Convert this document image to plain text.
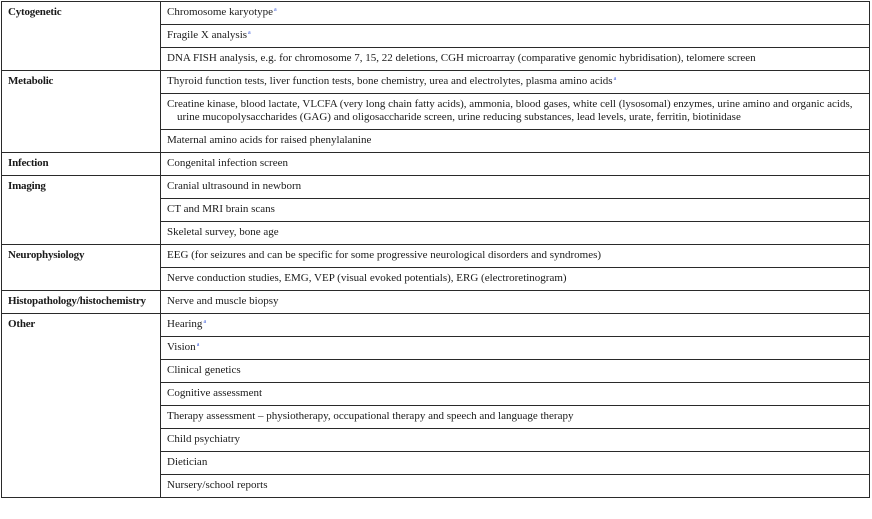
Cytogenetic	Chromosome karyotype$^a$

	Fragile X analysis$^a$

	DNA FISH analysis, e.g. for chromosome 7, 15, 22 deletions, CGH microarray (comparative genomic hybridisation), telomere screen

Metabolic	Thyroid function tests, liver function tests, bone chemistry, urea and electrolytes, plasma amino acids$^a$

	Creatine kinase, blood lactate, VLCFA (very long chain fatty acids), ammonia, blood gases, white cell (lysosomal) enzymes, urine amino and organic acids, urine mucopolysaccharides (GAG) and oligosaccharide screen, urine reducing substances, lead levels, urate, ferritin, biotinidase

	Maternal amino acids for raised phenylalanine

Infection	Congenital infection screen

Imaging	Cranial ultrasound in newborn

	CT and MRI brain scans

	Skeletal survey, bone age

Neurophysiology	EEG (for seizures and can be specific for some progressive neurological disorders and syndromes)

	Nerve conduction studies, EMG, VEP (visual evoked potentials), ERG (electroretinogram)

Histopathology/histochemistry	Nerve and muscle biopsy

Other	Hearing$^a$

	Vision$^a$

	Clinical genetics

	Cognitive assessment

	Therapy assessment – physiotherapy, occupational therapy and speech and language therapy

	Child psychiatry

	Dietician

	Nursery/school reports
